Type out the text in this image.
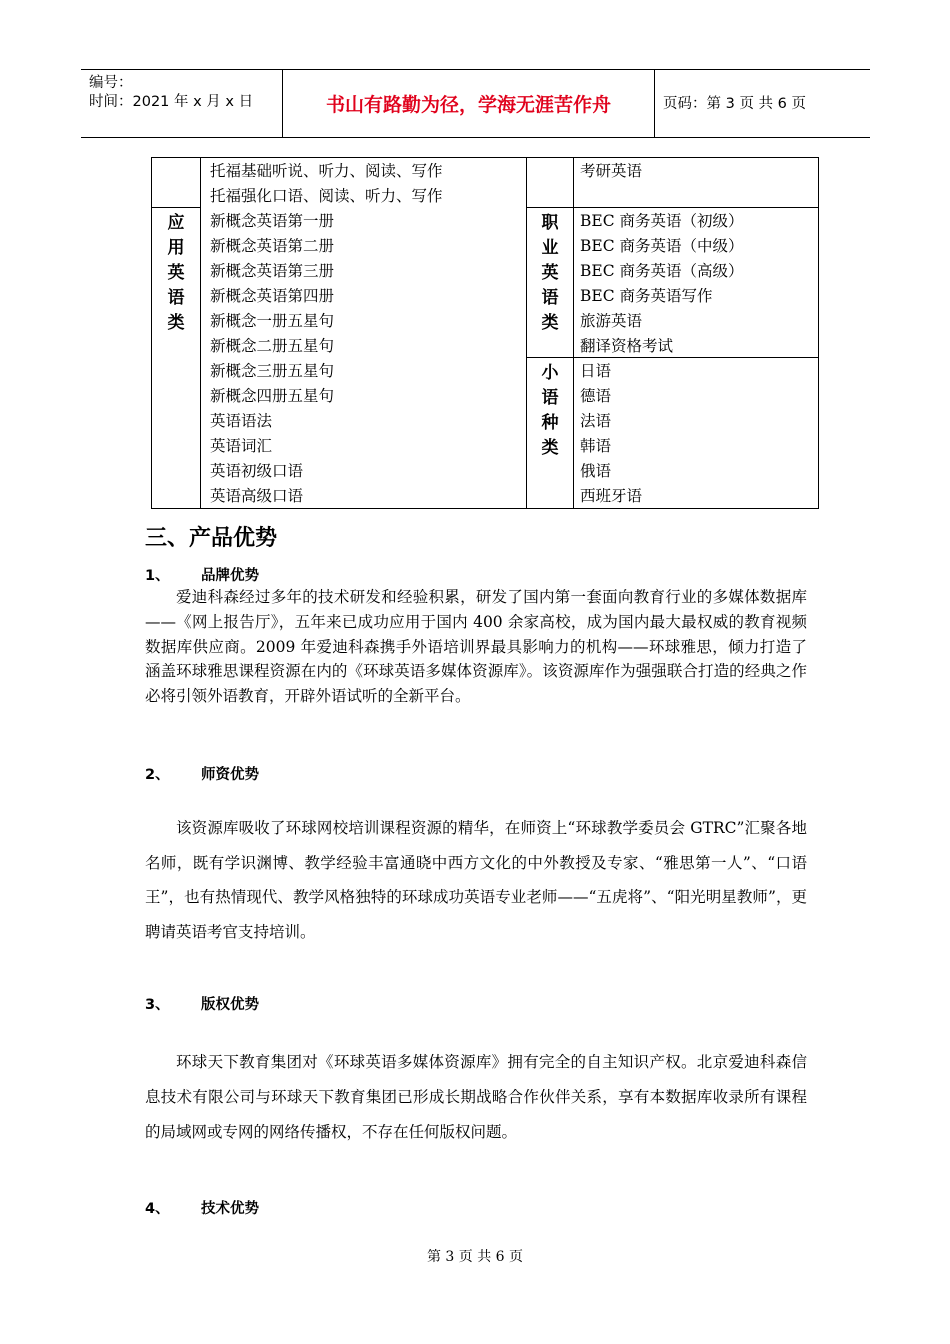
编号：
时间：2021 年 x 月 x 日	书山有路勤为径，学海无涯苦作舟	页码：第 3 页 共 6 页
托福基础听说、听力、阅读、写作
托福强化口语、阅读、听力、写作
考研英语
应
用
英
语
类
新概念英语第一册
新概念英语第二册
新概念英语第三册
新概念英语第四册
新概念一册五星句
新概念二册五星句
新概念三册五星句
新概念四册五星句
英语语法
英语词汇
英语初级口语
英语高级口语
职
业
英
语
类
BEC 商务英语（初级）
BEC 商务英语（中级）
BEC 商务英语（高级）
BEC 商务英语写作
旅游英语
翻译资格考试
小
语
种
类
日语
德语
法语
韩语
俄语
西班牙语
三、产品优势
1、 品牌优势

爱迪科森经过多年的技术研发和经验积累，研发了国内第一套面向教育行业的多媒体数据库——《网上报告厅》，五年来已成功应用于国内 400 余家高校，成为国内最大最权威的教育视频数据库供应商。2009 年爱迪科森携手外语培训界最具影响力的机构——环球雅思，倾力打造了涵盖环球雅思课程资源在内的《环球英语多媒体资源库》。该资源库作为强强联合打造的经典之作必将引领外语教育，开辟外语试听的全新平台。

2、 师资优势

该资源库吸收了环球网校培训课程资源的精华，在师资上“环球教学委员会 GTRC”汇聚各地名师，既有学识渊博、教学经验丰富通晓中西方文化的中外教授及专家、“雅思第一人”、“口语王”，也有热情现代、教学风格独特的环球成功英语专业老师——“五虎将”、“阳光明星教师”，更聘请英语考官支持培训。

3、 版权优势

环球天下教育集团对《环球英语多媒体资源库》拥有完全的自主知识产权。北京爱迪科森信息技术有限公司与环球天下教育集团已形成长期战略合作伙伴关系，享有本数据库收录所有课程的局域网或专网的网络传播权，不存在任何版权问题。

4、 技术优势
第 3 页 共 6 页
